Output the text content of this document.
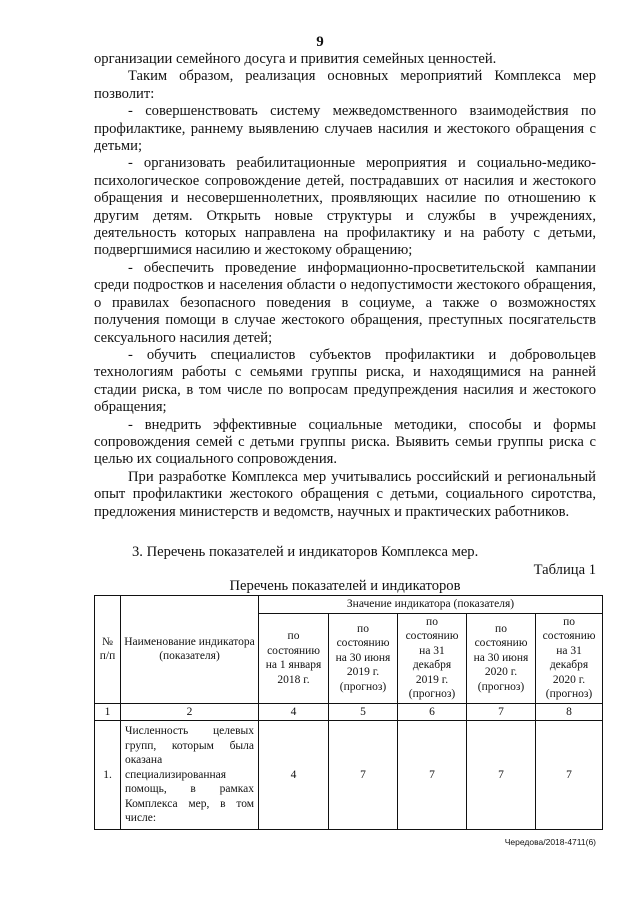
9

организации семейного досуга и привития семейных ценностей.

Таким образом, реализация основных мероприятий Комплекса мер позволит:

- совершенствовать систему межведомственного взаимодействия по профилактике, раннему выявлению случаев насилия и жестокого обращения с детьми;

- организовать реабилитационные мероприятия и социально-медико-психологическое сопровождение детей, пострадавших от насилия и жестокого обращения и несовершеннолетних, проявляющих насилие по отношению к другим детям. Открыть новые структуры и службы в учреждениях, деятельность которых направлена на профилактику и на работу с детьми, подвергшимися насилию и жестокому обращению;

- обеспечить проведение информационно-просветительской кампании среди подростков и населения области о недопустимости жестокого обращения, о правилах безопасного поведения в социуме, а также о возможностях получения помощи в случае жестокого обращения, преступных посягательств сексуального насилия детей;

- обучить специалистов субъектов профилактики и добровольцев технологиям работы с семьями группы риска, и находящимися на ранней стадии риска, в том числе по вопросам предупреждения насилия и жестокого обращения;

- внедрить эффективные социальные методики, способы и формы сопровождения семей с детьми группы риска. Выявить семьи группы риска с целью их социального сопровождения.

При разработке Комплекса мер учитывались российский и региональный опыт профилактики жестокого обращения с детьми, социального сиротства, предложения министерств и ведомств, научных и практических работников.

3. Перечень показателей и индикаторов Комплекса мер.
Таблица 1
Перечень показателей и индикаторов
№ п/п	Наименование индикатора (показателя)	Значение индикатора (показателя)				
		по состоянию на 1 января 2018 г.	по состоянию на 30 июня 2019 г. (прогноз)	по состоянию на 31 декабря 2019 г. (прогноз)	по состоянию на 30 июня 2020 г. (прогноз)	по состоянию на 31 декабря 2020 г. (прогноз)
1	2	4	5	6	7	8
1.	Численность целевых групп, которым была оказана специализированная помощь, в рамках Комплекса мер, в том числе:	4	7	7	7	7
Чередова/2018-4711(6)
